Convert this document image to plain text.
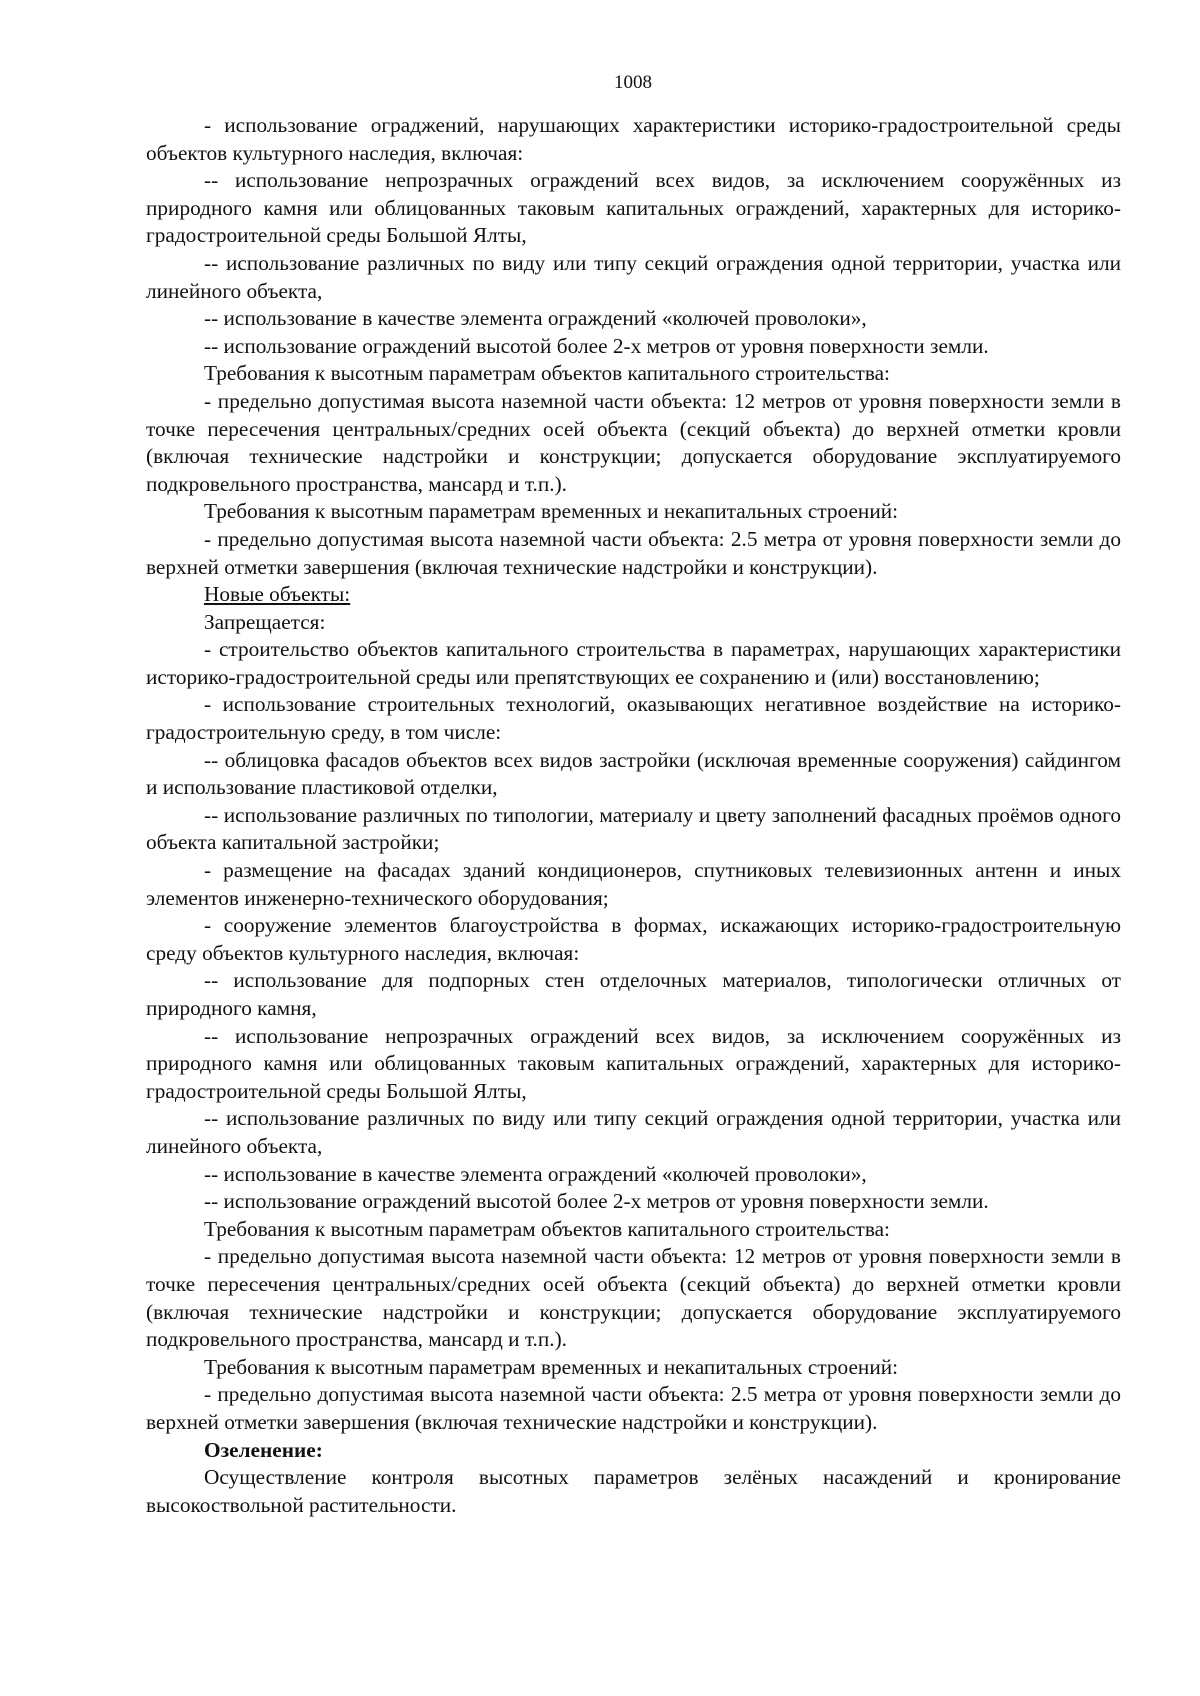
1008

- использование ограджений, нарушающих характеристики историко-градостроительной среды объектов культурного наследия, включая:

-- использование непрозрачных ограждений всех видов, за исключением сооружённых из природного камня или облицованных таковым капитальных ограждений, характерных для историко-градостроительной среды Большой Ялты,

-- использование различных по виду или типу секций ограждения одной территории, участка или линейного объекта,

-- использование в качестве элемента ограждений «колючей проволоки»,

-- использование ограждений высотой более 2-х метров от уровня поверхности земли.

Требования к высотным параметрам объектов капитального строительства:

- предельно допустимая высота наземной части объекта: 12 метров от уровня поверхности земли в точке пересечения центральных/средних осей объекта (секций объекта) до верхней отметки кровли (включая технические надстройки и конструкции; допускается оборудование эксплуатируемого подкровельного пространства, мансард и т.п.).

Требования к высотным параметрам временных и некапитальных строений:

- предельно допустимая высота наземной части объекта: 2.5 метра от уровня поверхности земли до верхней отметки завершения (включая технические надстройки и конструкции).

Новые объекты:

Запрещается:

- строительство объектов капитального строительства в параметрах, нарушающих характеристики историко-градостроительной среды или препятствующих ее сохранению и (или) восстановлению;

- использование строительных технологий, оказывающих негативное воздействие на историко-градостроительную среду, в том числе:

-- облицовка фасадов объектов всех видов застройки (исключая временные сооружения) сайдингом и использование пластиковой отделки,

-- использование различных по типологии, материалу и цвету заполнений фасадных проёмов одного объекта капитальной застройки;

- размещение на фасадах зданий кондиционеров, спутниковых телевизионных антенн и иных элементов инженерно-технического оборудования;

- сооружение элементов благоустройства в формах, искажающих историко-градостроительную среду объектов культурного наследия, включая:

-- использование для подпорных стен отделочных материалов, типологически отличных от природного камня,

-- использование непрозрачных ограждений всех видов, за исключением сооружённых из природного камня или облицованных таковым капитальных ограждений, характерных для историко-градостроительной среды Большой Ялты,

-- использование различных по виду или типу секций ограждения одной территории, участка или линейного объекта,

-- использование в качестве элемента ограждений «колючей проволоки»,

-- использование ограждений высотой более 2-х метров от уровня поверхности земли.

Требования к высотным параметрам объектов капитального строительства:

- предельно допустимая высота наземной части объекта: 12 метров от уровня поверхности земли в точке пересечения центральных/средних осей объекта (секций объекта) до верхней отметки кровли (включая технические надстройки и конструкции; допускается оборудование эксплуатируемого подкровельного пространства, мансард и т.п.).

Требования к высотным параметрам временных и некапитальных строений:

- предельно допустимая высота наземной части объекта: 2.5 метра от уровня поверхности земли до верхней отметки завершения (включая технические надстройки и конструкции).

Озеленение:

Осуществление контроля высотных параметров зелёных насаждений и кронирование высокоствольной растительности.
